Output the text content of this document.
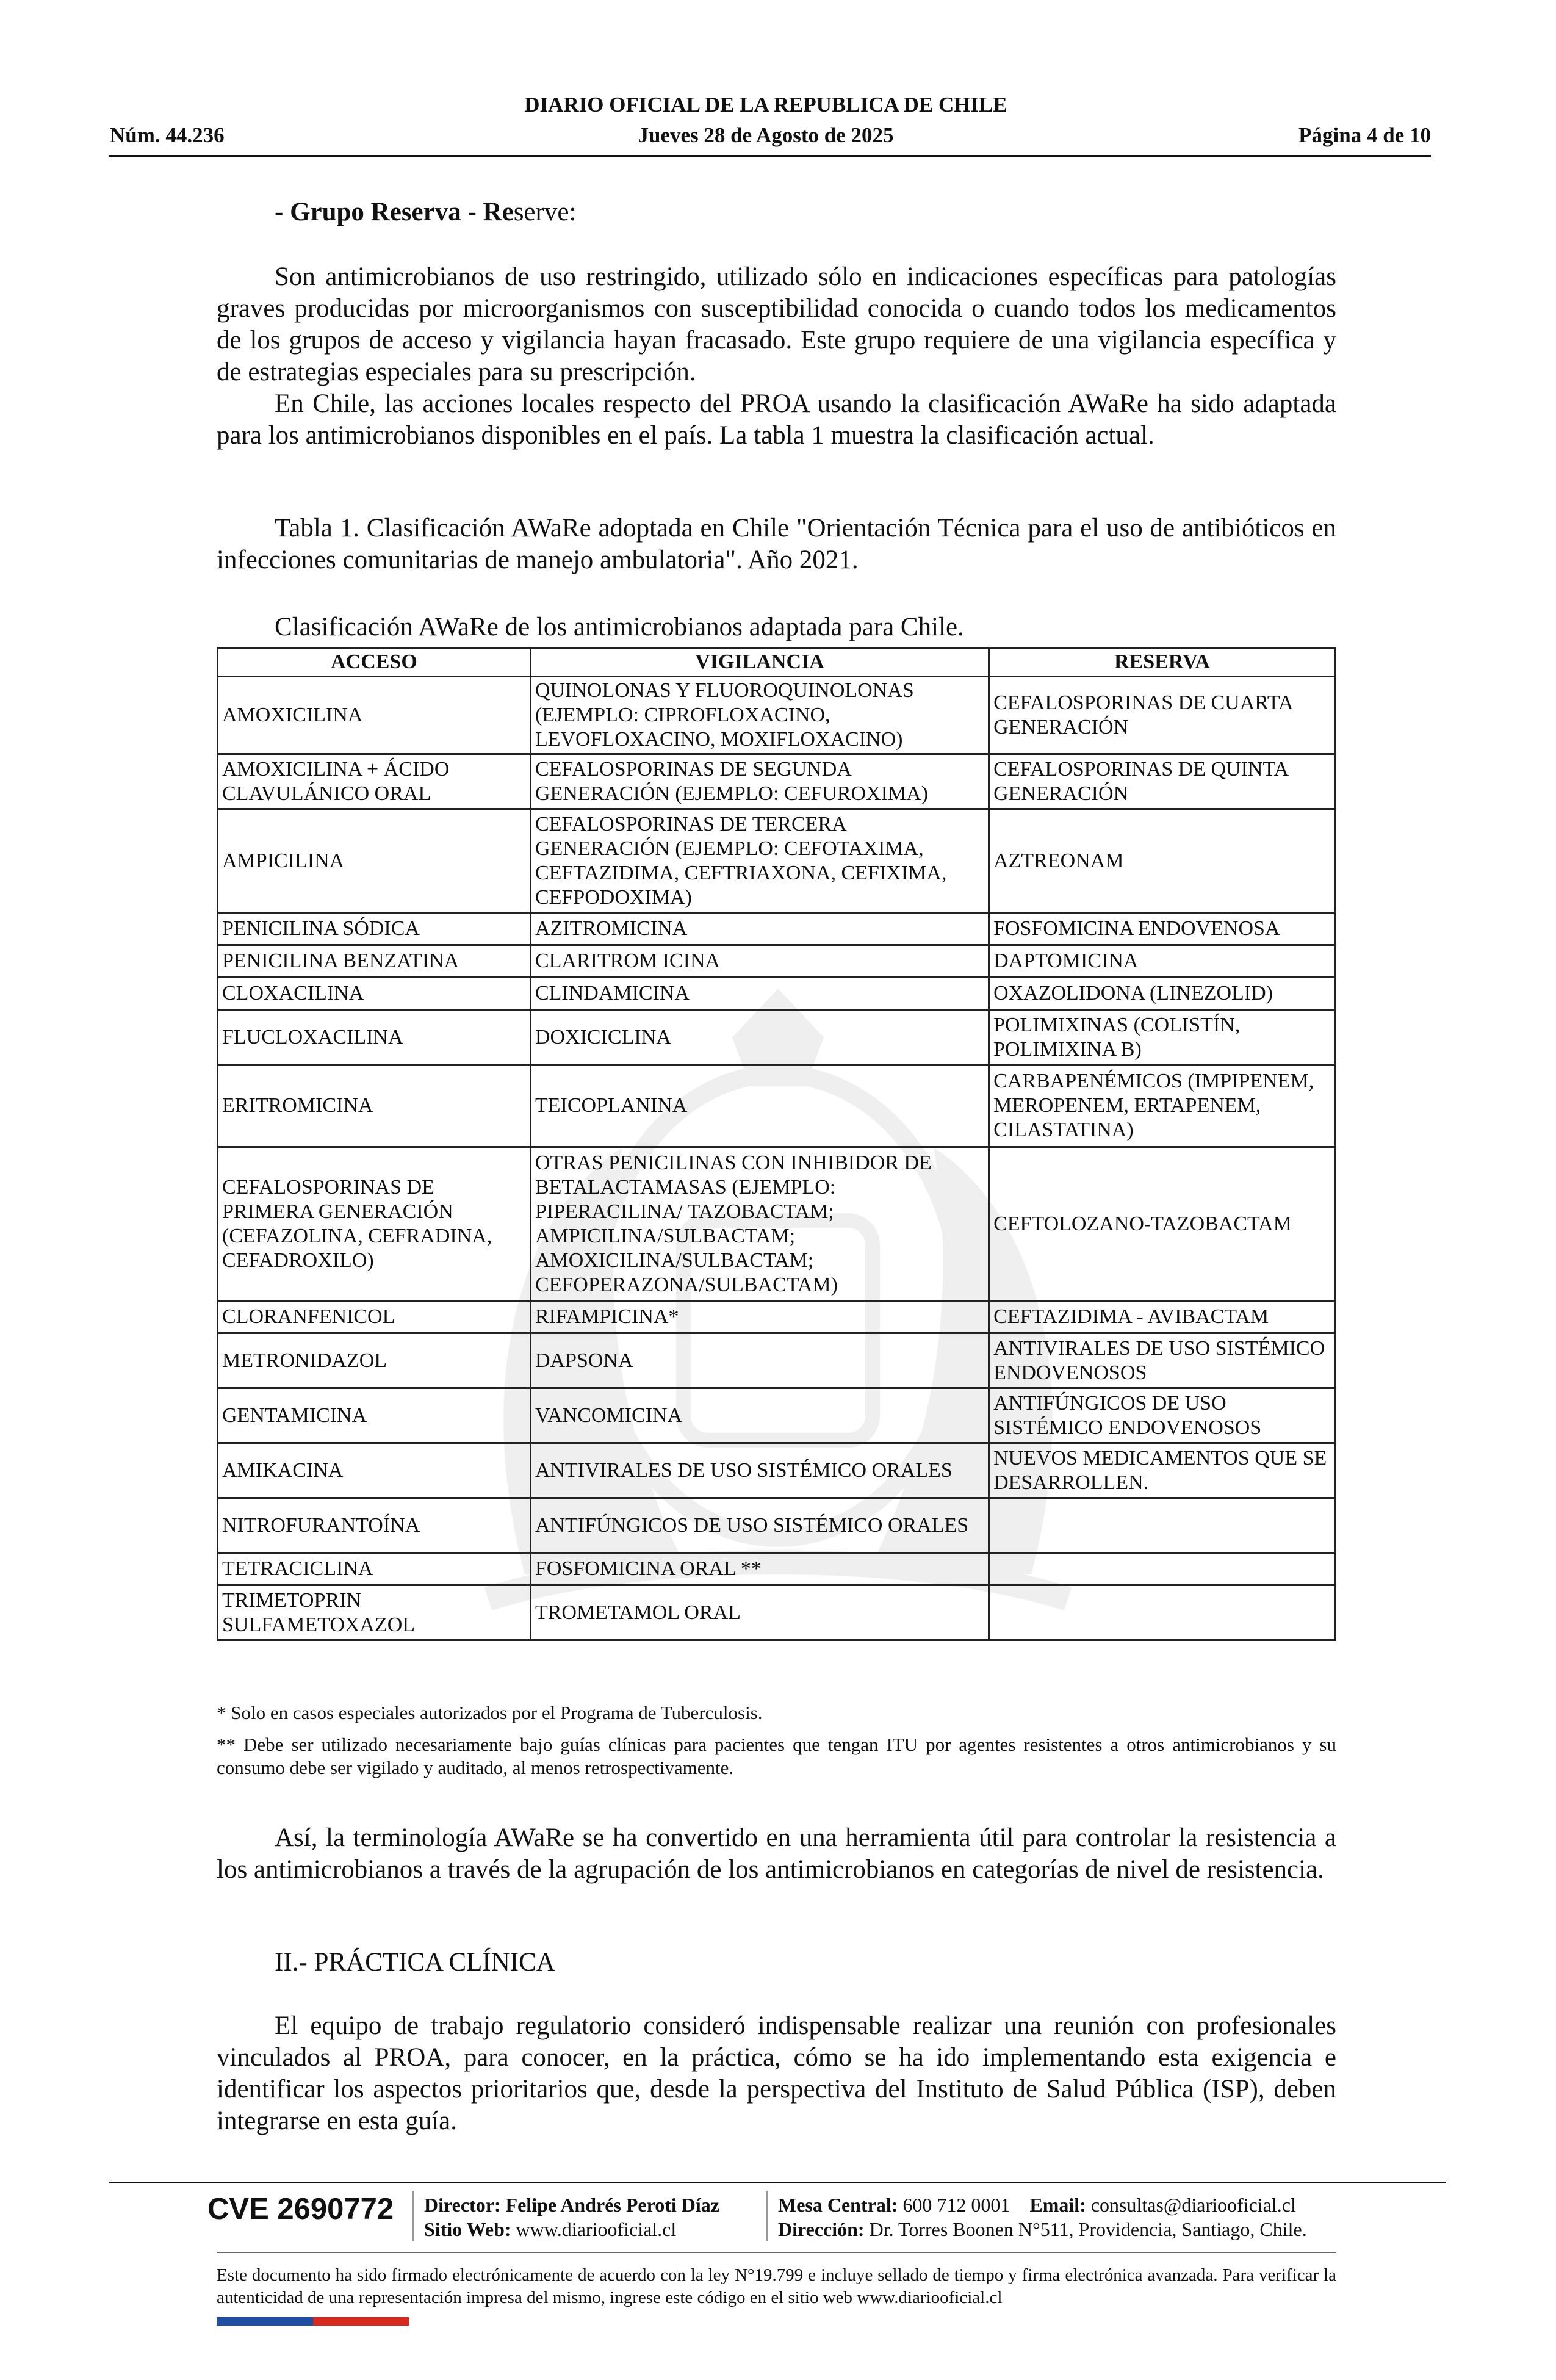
DIARIO OFICIAL DE LA REPUBLICA DE CHILE
Núm. 44.236	Jueves 28 de Agosto de 2025	Página 4 de 10
- Grupo Reserva - Reserve:
Son antimicrobianos de uso restringido, utilizado sólo en indicaciones específicas para patologías graves producidas por microorganismos con susceptibilidad conocida o cuando todos los medicamentos de los grupos de acceso y vigilancia hayan fracasado. Este grupo requiere de una vigilancia específica y de estrategias especiales para su prescripción.
En Chile, las acciones locales respecto del PROA usando la clasificación AWaRe ha sido adaptada para los antimicrobianos disponibles en el país. La tabla 1 muestra la clasificación actual.
Tabla 1. Clasificación AWaRe adoptada en Chile "Orientación Técnica para el uso de antibióticos en infecciones comunitarias de manejo ambulatoria". Año 2021.
Clasificación AWaRe de los antimicrobianos adaptada para Chile.
ACCESO	VIGILANCIA	RESERVA
AMOXICILINA	QUINOLONAS Y FLUOROQUINOLONAS (EJEMPLO: CIPROFLOXACINO, LEVOFLOXACINO, MOXIFLOXACINO)	CEFALOSPORINAS DE CUARTA GENERACIÓN
AMOXICILINA + ÁCIDO CLAVULÁNICO ORAL	CEFALOSPORINAS DE SEGUNDA GENERACIÓN (EJEMPLO: CEFUROXIMA)	CEFALOSPORINAS DE QUINTA GENERACIÓN
AMPICILINA	CEFALOSPORINAS DE TERCERA GENERACIÓN (EJEMPLO: CEFOTAXIMA, CEFTAZIDIMA, CEFTRIAXONA, CEFIXIMA, CEFPODOXIMA)	AZTREONAM
PENICILINA SÓDICA	AZITROMICINA	FOSFOMICINA ENDOVENOSA
PENICILINA BENZATINA	CLARITROM ICINA	DAPTOMICINA
CLOXACILINA	CLINDAMICINA	OXAZOLIDONA (LINEZOLID)
FLUCLOXACILINA	DOXICICLINA	POLIMIXINAS (COLISTÍN, POLIMIXINA B)
ERITROMICINA	TEICOPLANINA	CARBAPENÉMICOS (IMPIPENEM, MEROPENEM, ERTAPENEM, CILASTATINA)
CEFALOSPORINAS DE PRIMERA GENERACIÓN (CEFAZOLINA, CEFRADINA, CEFADROXILO)	OTRAS PENICILINAS CON INHIBIDOR DE BETALACTAMASAS (EJEMPLO: PIPERACILINA/ TAZOBACTAM; AMPICILINA/SULBACTAM; AMOXICILINA/SULBACTAM; CEFOPERAZONA/SULBACTAM)	CEFTOLOZANO-TAZOBACTAM
CLORANFENICOL	RIFAMPICINA*	CEFTAZIDIMA - AVIBACTAM
METRONIDAZOL	DAPSONA	ANTIVIRALES DE USO SISTÉMICO ENDOVENOSOS
GENTAMICINA	VANCOMICINA	ANTIFÚNGICOS DE USO SISTÉMICO ENDOVENOSOS
AMIKACINA	ANTIVIRALES DE USO SISTÉMICO ORALES	NUEVOS MEDICAMENTOS QUE SE DESARROLLEN.
NITROFURANTOÍNA	ANTIFÚNGICOS DE USO SISTÉMICO ORALES	
TETRACICLINA	FOSFOMICINA ORAL **	
TRIMETOPRIN SULFAMETOXAZOL	TROMETAMOL ORAL	
* Solo en casos especiales autorizados por el Programa de Tuberculosis.
** Debe ser utilizado necesariamente bajo guías clínicas para pacientes que tengan ITU por agentes resistentes a otros antimicrobianos y su consumo debe ser vigilado y auditado, al menos retrospectivamente.
Así, la terminología AWaRe se ha convertido en una herramienta útil para controlar la resistencia a los antimicrobianos a través de la agrupación de los antimicrobianos en categorías de nivel de resistencia.
II.- PRÁCTICA CLÍNICA
El equipo de trabajo regulatorio consideró indispensable realizar una reunión con profesionales vinculados al PROA, para conocer, en la práctica, cómo se ha ido implementando esta exigencia e identificar los aspectos prioritarios que, desde la perspectiva del Instituto de Salud Pública (ISP), deben integrarse en esta guía.
CVE 2690772 Director: Felipe Andrés Peroti Díaz
Sitio Web: www.diariooficial.cl
Mesa Central: 600 712 0001 Email: consultas@diariooficial.cl
Dirección: Dr. Torres Boonen N°511, Providencia, Santiago, Chile.
Este documento ha sido firmado electrónicamente de acuerdo con la ley N°19.799 e incluye sellado de tiempo y firma electrónica avanzada. Para verificar la autenticidad de una representación impresa del mismo, ingrese este código en el sitio web www.diariooficial.cl
